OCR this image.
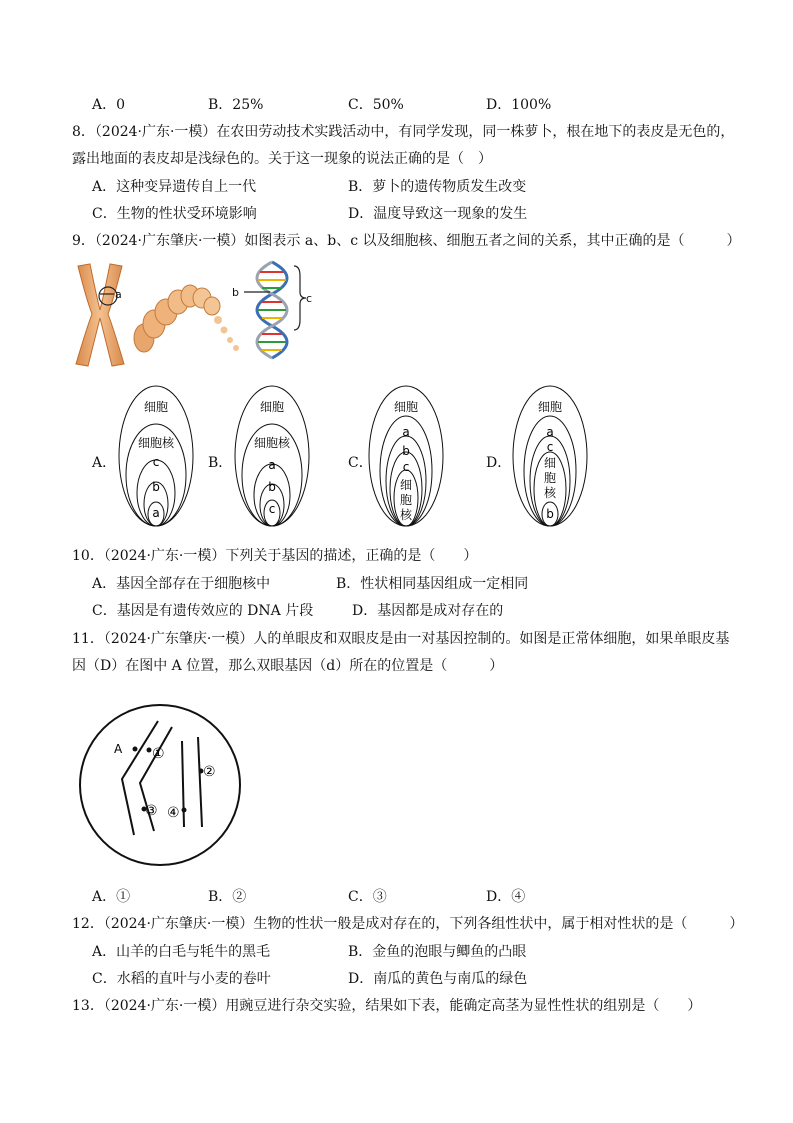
A．0	B．25%	C．50%	D．100%
8．（2024·广东·一模）在农田劳动技术实践活动中，有同学发现，同一株萝卜，根在地下的表皮是无色的，
露出地面的表皮却是浅绿色的。关于这一现象的说法正确的是（　）
A．这种变异遗传自上一代	B．萝卜的遗传物质发生改变
C．生物的性状受环境影响	D．温度导致这一现象的发生
9．（2024·广东肇庆·一模）如图表示 a、b、c 以及细胞核、细胞五者之间的关系，其中正确的是（　　　）
a	b	c
A．
细胞
细胞核
c
b
a
B．
细胞
细胞核
a
b
c
C．
细胞
a
b
c
细
胞
核
D．
细胞
a
c
细
胞
核
b
10．（2024·广东·一模）下列关于基因的描述，正确的是（　　）
A．基因全部存在于细胞核中	B．性状相同基因组成一定相同
C．基因是有遗传效应的 DNA 片段	D．基因都是成对存在的
11．（2024·广东肇庆·一模）人的单眼皮和双眼皮是由一对基因控制的。如图是正常体细胞，如果单眼皮基
因（D）在图中 A 位置，那么双眼基因（d）所在的位置是（　　　）
A ①
②
③ ④
A．①	B．②	C．③	D．④
12．（2024·广东肇庆·一模）生物的性状一般是成对存在的，下列各组性状中，属于相对性状的是（　　　）
A．山羊的白毛与牦牛的黑毛	B．金鱼的泡眼与鲫鱼的凸眼
C．水稻的直叶与小麦的卷叶	D．南瓜的黄色与南瓜的绿色
13．（2024·广东·一模）用豌豆进行杂交实验，结果如下表，能确定高茎为显性性状的组别是（　　）
